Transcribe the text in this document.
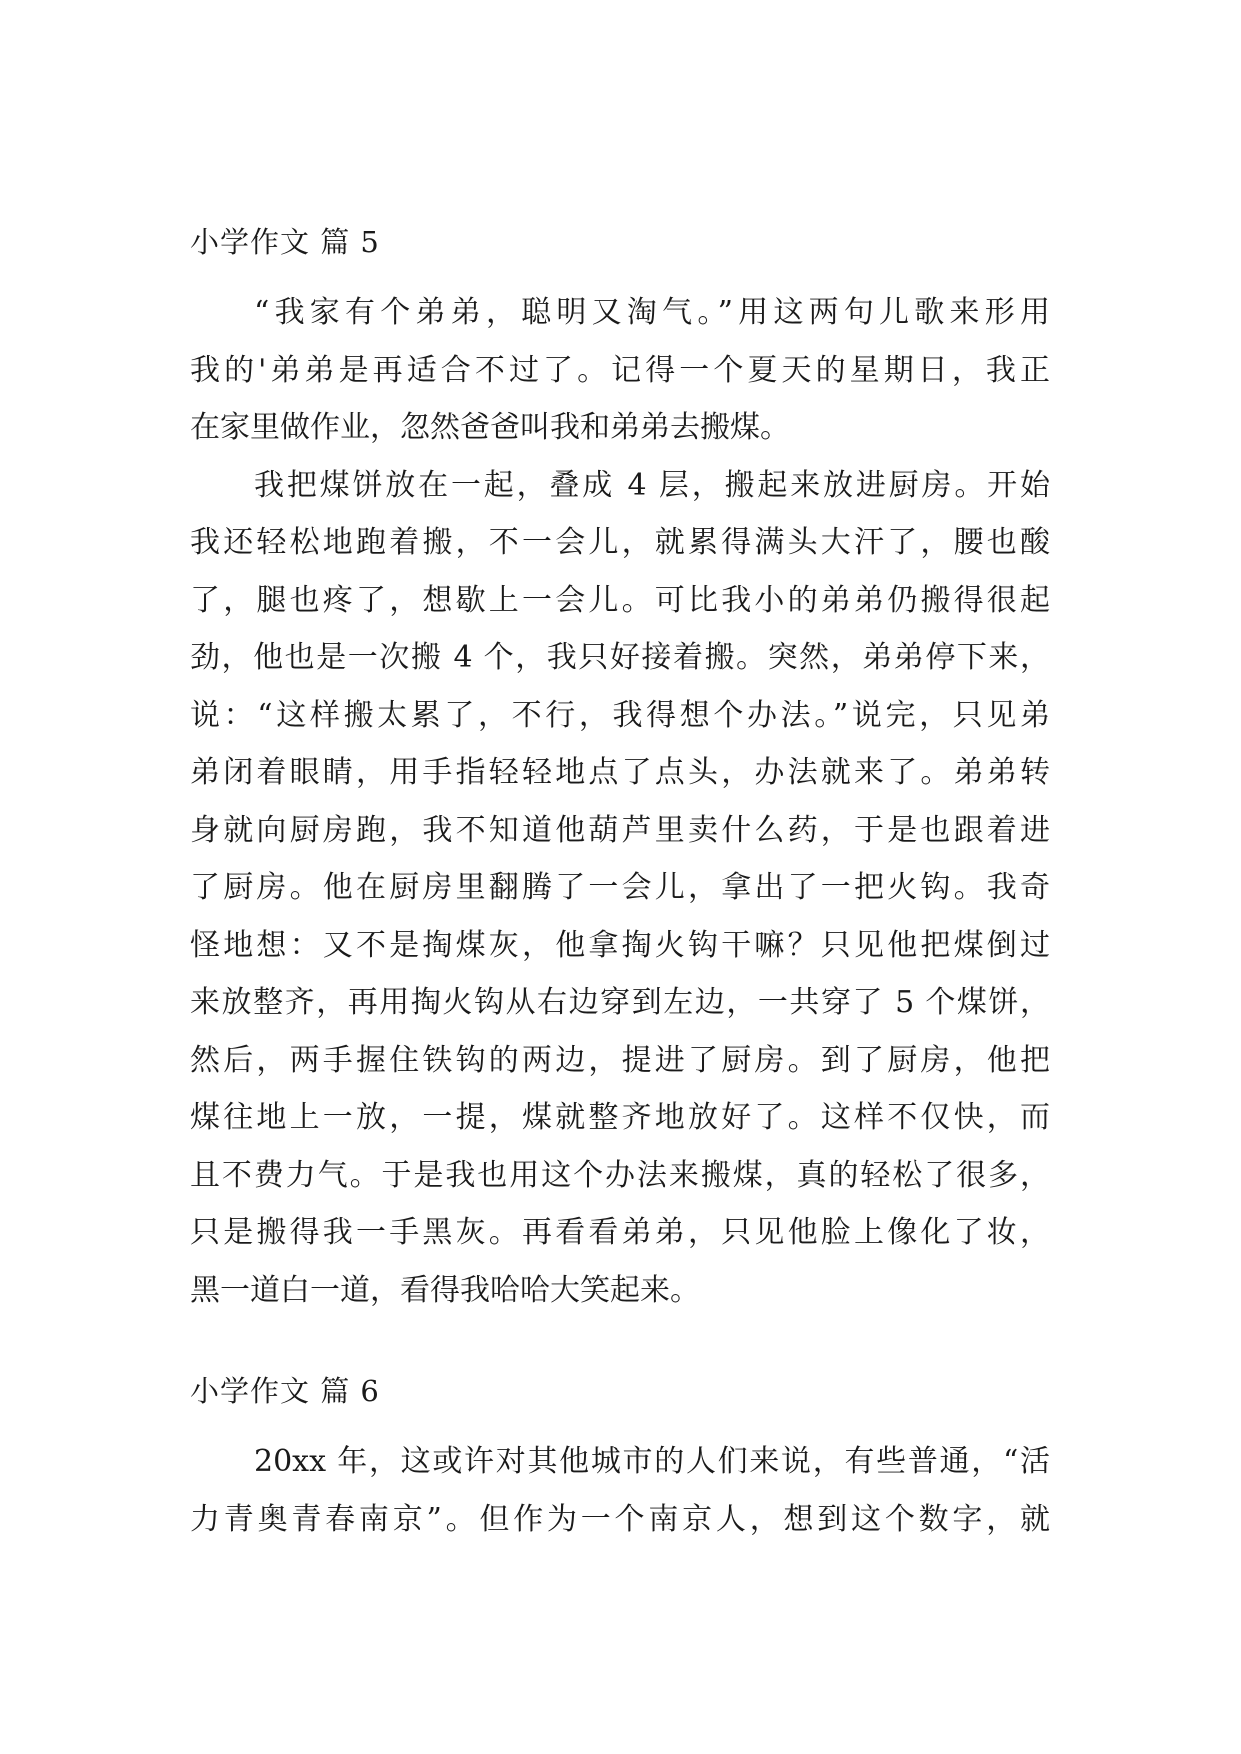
小学作文 篇 5

“我家有个弟弟，聪明又淘气。”用这两句儿歌来形用
我的'弟弟是再适合不过了。记得一个夏天的星期日，我正
在家里做作业，忽然爸爸叫我和弟弟去搬煤。

我把煤饼放在一起，叠成 4 层，搬起来放进厨房。开始
我还轻松地跑着搬，不一会儿，就累得满头大汗了，腰也酸
了，腿也疼了，想歇上一会儿。可比我小的弟弟仍搬得很起
劲，他也是一次搬 4 个，我只好接着搬。突然，弟弟停下来，
说：“这样搬太累了，不行，我得想个办法。”说完，只见弟
弟闭着眼睛，用手指轻轻地点了点头，办法就来了。弟弟转
身就向厨房跑，我不知道他葫芦里卖什么药，于是也跟着进
了厨房。他在厨房里翻腾了一会儿，拿出了一把火钩。我奇
怪地想：又不是掏煤灰，他拿掏火钩干嘛？只见他把煤倒过
来放整齐，再用掏火钩从右边穿到左边，一共穿了 5 个煤饼，
然后，两手握住铁钩的两边，提进了厨房。到了厨房，他把
煤往地上一放，一提，煤就整齐地放好了。这样不仅快，而
且不费力气。于是我也用这个办法来搬煤，真的轻松了很多，
只是搬得我一手黑灰。再看看弟弟，只见他脸上像化了妆，
黑一道白一道，看得我哈哈大笑起来。

小学作文 篇 6

20xx 年，这或许对其他城市的人们来说，有些普通，“活
力青奥青春南京”。但作为一个南京人，想到这个数字，就
